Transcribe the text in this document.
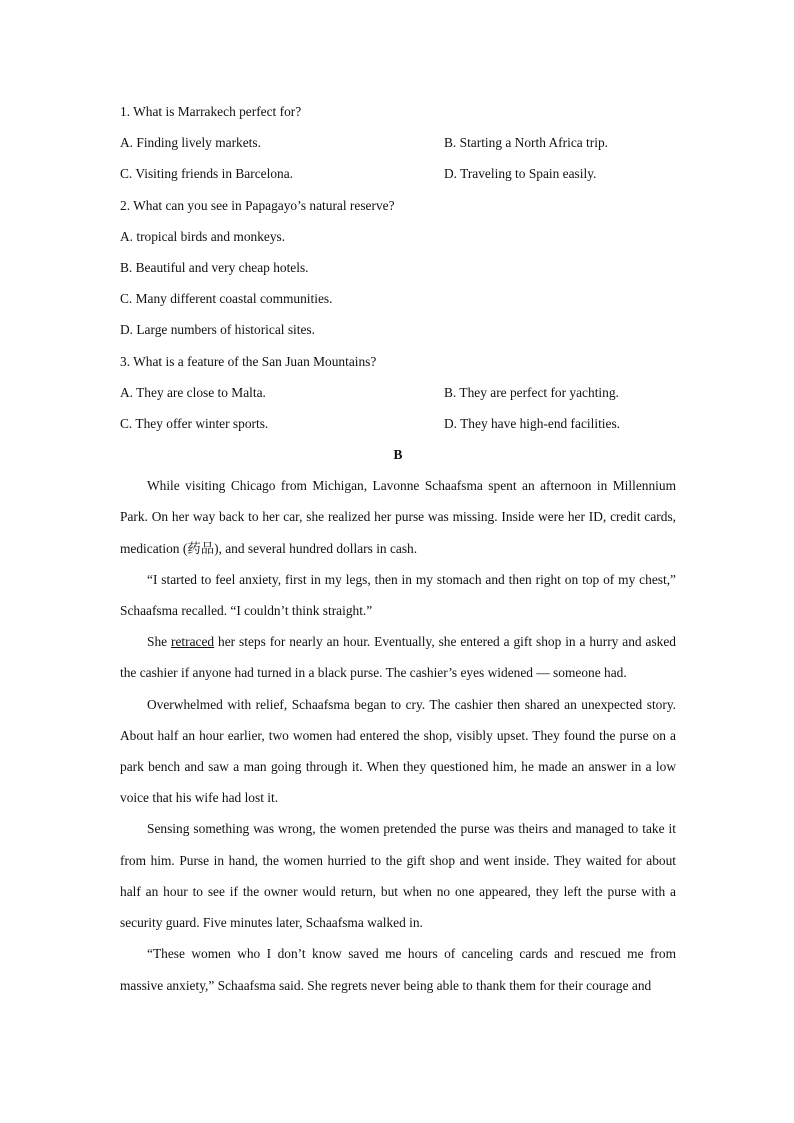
1. What is Marrakech perfect for?
A. Finding lively markets.	B. Starting a North Africa trip.
C. Visiting friends in Barcelona.	D. Traveling to Spain easily.
2. What can you see in Papagayo’s natural reserve?
A. tropical birds and monkeys.
B. Beautiful and very cheap hotels.
C. Many different coastal communities.
D. Large numbers of historical sites.
3. What is a feature of the San Juan Mountains?
A. They are close to Malta.	B. They are perfect for yachting.
C. They offer winter sports.	D. They have high-end facilities.
B

While visiting Chicago from Michigan, Lavonne Schaafsma spent an afternoon in Millennium Park. On her way back to her car, she realized her purse was missing. Inside were her ID, credit cards, medication (药品), and several hundred dollars in cash.

“I started to feel anxiety, first in my legs, then in my stomach and then right on top of my chest,” Schaafsma recalled. “I couldn’t think straight.”

She retraced her steps for nearly an hour. Eventually, she entered a gift shop in a hurry and asked the cashier if anyone had turned in a black purse. The cashier’s eyes widened — someone had.

Overwhelmed with relief, Schaafsma began to cry. The cashier then shared an unexpected story. About half an hour earlier, two women had entered the shop, visibly upset. They found the purse on a park bench and saw a man going through it. When they questioned him, he made an answer in a low voice that his wife had lost it.

Sensing something was wrong, the women pretended the purse was theirs and managed to take it from him. Purse in hand, the women hurried to the gift shop and went inside. They waited for about half an hour to see if the owner would return, but when no one appeared, they left the purse with a security guard. Five minutes later, Schaafsma walked in.

“These women who I don’t know saved me hours of canceling cards and rescued me from massive anxiety,” Schaafsma said. She regrets never being able to thank them for their courage and
